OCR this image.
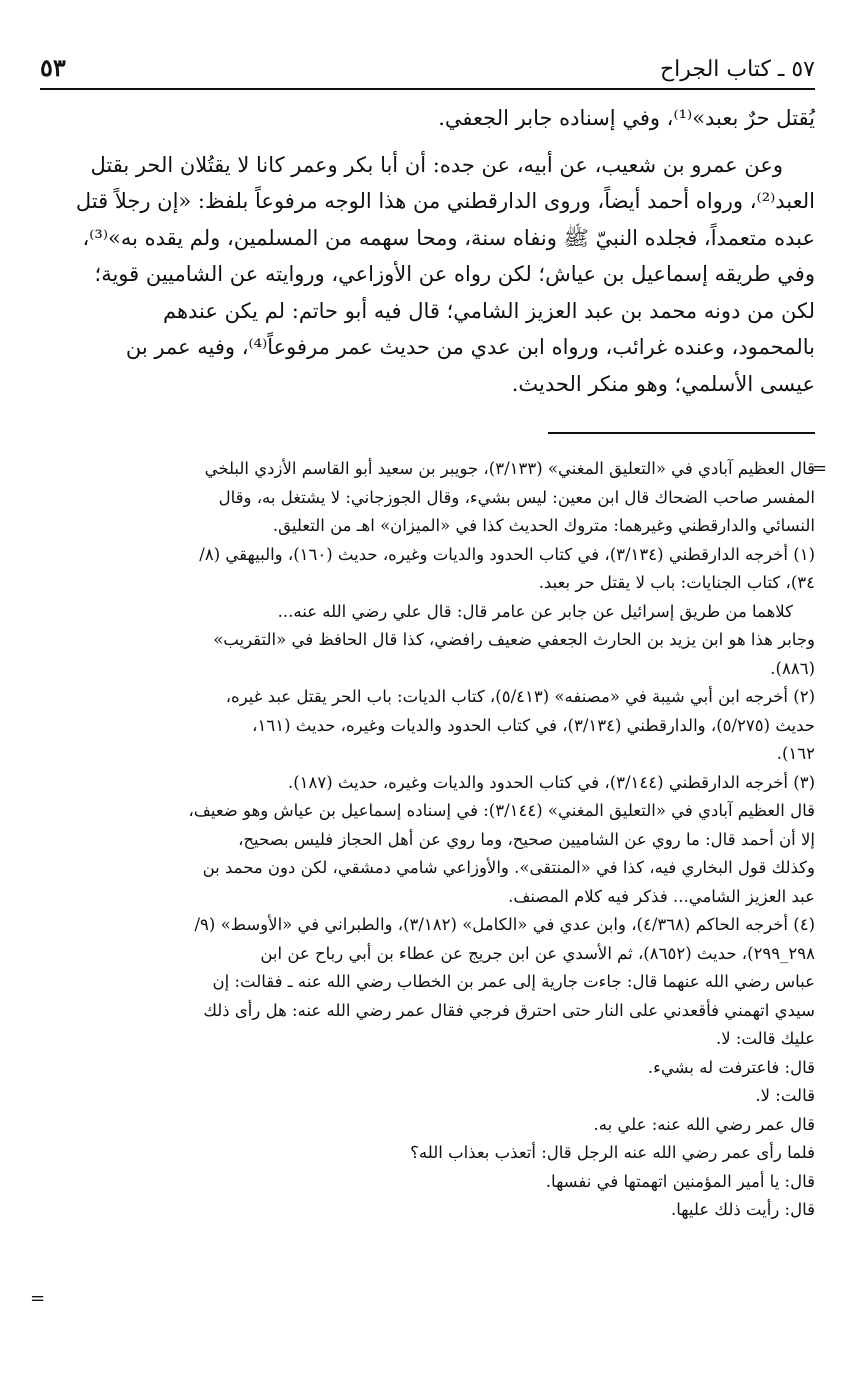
٥٣	٥٧ ـ كتاب الجراح

يُقتل حرٌ بعبد»⁽¹⁾، وفي إسناده جابر الجعفي.

وعن عمرو بن شعيب، عن أبيه، عن جده: أن أبا بكر وعمر كانا لا يقتُلان الحر بقتل
العبد⁽²⁾، ورواه أحمد أيضاً، وروى الدارقطني من هذا الوجه مرفوعاً بلفظ: «إن رجلاً قتل
عبده متعمداً، فجلده النبيّ ﷺ ونفاه سنة، ومحا سهمه من المسلمين، ولم يقده به»⁽³⁾،
وفي طريقه إسماعيل بن عياش؛ لكن رواه عن الأوزاعي، وروايته عن الشاميين قوية؛
لكن من دونه محمد بن عبد العزيز الشامي؛ قال فيه أبو حاتم: لم يكن عندهم
بالمحمود، وعنده غرائب، ورواه ابن عدي من حديث عمر مرفوعاً⁽⁴⁾، وفيه عمر بن
عيسى الأسلمي؛ وهو منكر الحديث.

=

قال العظيم آبادي في «التعليق المغني» (٣/١٣٣)، جويبر بن سعيد أبو القاسم الأزدي البلخي
المفسر صاحب الضحاك قال ابن معين: ليس بشيء، وقال الجوزجاني: لا يشتغل به، وقال
النسائي والدارقطني وغيرهما: متروك الحديث كذا في «الميزان» اهـ من التعليق.

(١) أخرجه الدارقطني (٣/١٣٤)، في كتاب الحدود والديات وغيره، حديث (١٦٠)، والبيهقي (٨/
٣٤)، كتاب الجنايات: باب لا يقتل حر بعبد.

كلاهما من طريق إسرائيل عن جابر عن عامر قال: قال علي رضي الله عنه...

وجابر هذا هو ابن يزيد بن الحارث الجعفي ضعيف رافضي، كذا قال الحافظ في «التقريب»
(٨٨٦).

(٢) أخرجه ابن أبي شيبة في «مصنفه» (٥/٤١٣)، كتاب الديات: باب الحر يقتل عبد غيره،
حديث (٥/٢٧٥)، والدارقطني (٣/١٣٤)، في كتاب الحدود والديات وغيره، حديث (١٦١،
١٦٢).

(٣) أخرجه الدارقطني (٣/١٤٤)، في كتاب الحدود والديات وغيره، حديث (١٨٧).

قال العظيم آبادي في «التعليق المغني» (٣/١٤٤): في إسناده إسماعيل بن عياش وهو ضعيف،
إلا أن أحمد قال: ما روي عن الشاميين صحيح، وما روي عن أهل الحجاز فليس بصحيح،
وكذلك قول البخاري فيه، كذا في «المنتقى». والأوزاعي شامي دمشقي، لكن دون محمد بن
عبد العزيز الشامي... فذكر فيه كلام المصنف.

(٤) أخرجه الحاكم (٤/٣٦٨)، وابن عدي في «الكامل» (٣/١٨٢)، والطبراني في «الأوسط» (٩/
٢٩٨_٢٩٩)، حديث (٨٦٥٢)، ثم الأسدي عن ابن جريج عن عطاء بن أبي رباح عن ابن
عباس رضي الله عنهما قال: جاءت جارية إلى عمر بن الخطاب رضي الله عنه ـ فقالت: إن
سيدي اتهمني فأقعدني على النار حتى احترق فرجي فقال عمر رضي الله عنه: هل رأى ذلك
عليك قالت: لا.

قال: فاعترفت له بشيء.

قالت: لا.

قال عمر رضي الله عنه: علي به.

فلما رأى عمر رضي الله عنه الرجل قال: أتعذب بعذاب الله؟

قال: يا أمير المؤمنين اتهمتها في نفسها.

قال: رأيت ذلك عليها.

=
